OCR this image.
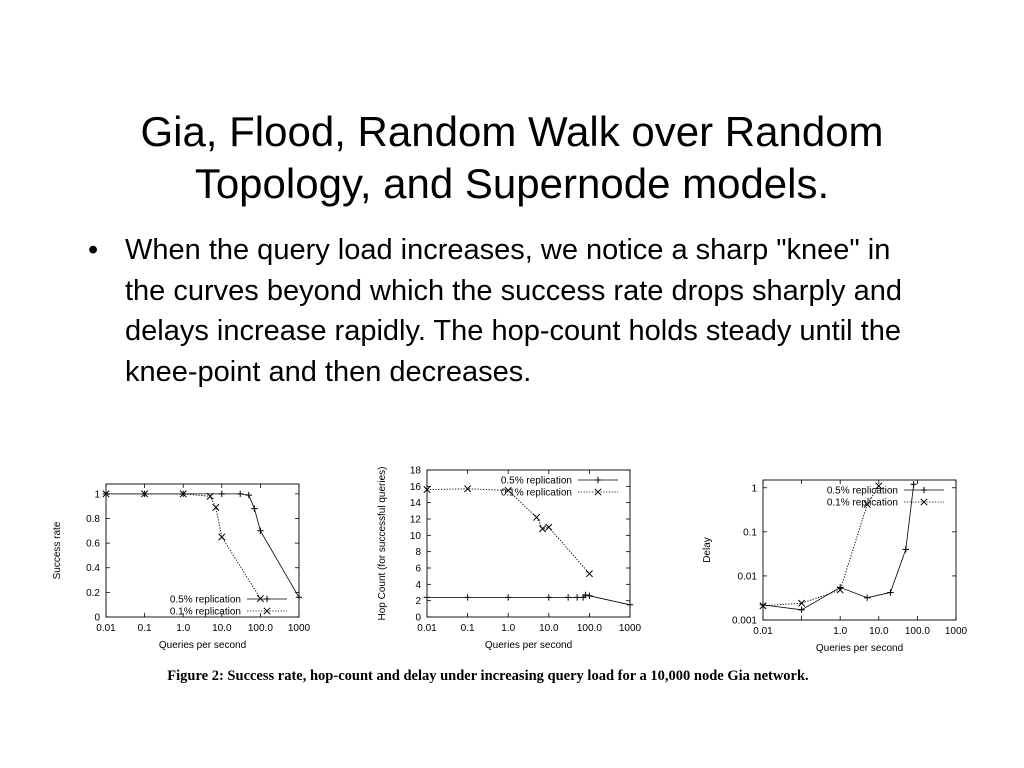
Gia, Flood, Random Walk over Random
Topology, and Supernode models.
• When the query load increases, we notice a sharp "knee" in the curves beyond which the success rate drops sharply and delays increase rapidly. The hop-count holds steady until the knee-point and then decreases.
0.01 0.1 1.0 10.0 100.0 1000
0
0.2
0.4
0.6
0.8
1
Queries per second
Success rate
0.5% replication
0.1% replication
0.01 0.1	1.0 10.0 100.0 1000
0
2
4
6
8
10
12
14
16
18
Queries per second
Hop Count (for successful queries)	0.5% replication
0.1% replication
0.01	1.0 10.0 100.0 1000
0.001
0.01
0.1
1
Queries per second
Delay
0.5% replication
0.1% replication
Figure 2: Success rate, hop-count and delay under increasing query load for a 10,000 node Gia network.
